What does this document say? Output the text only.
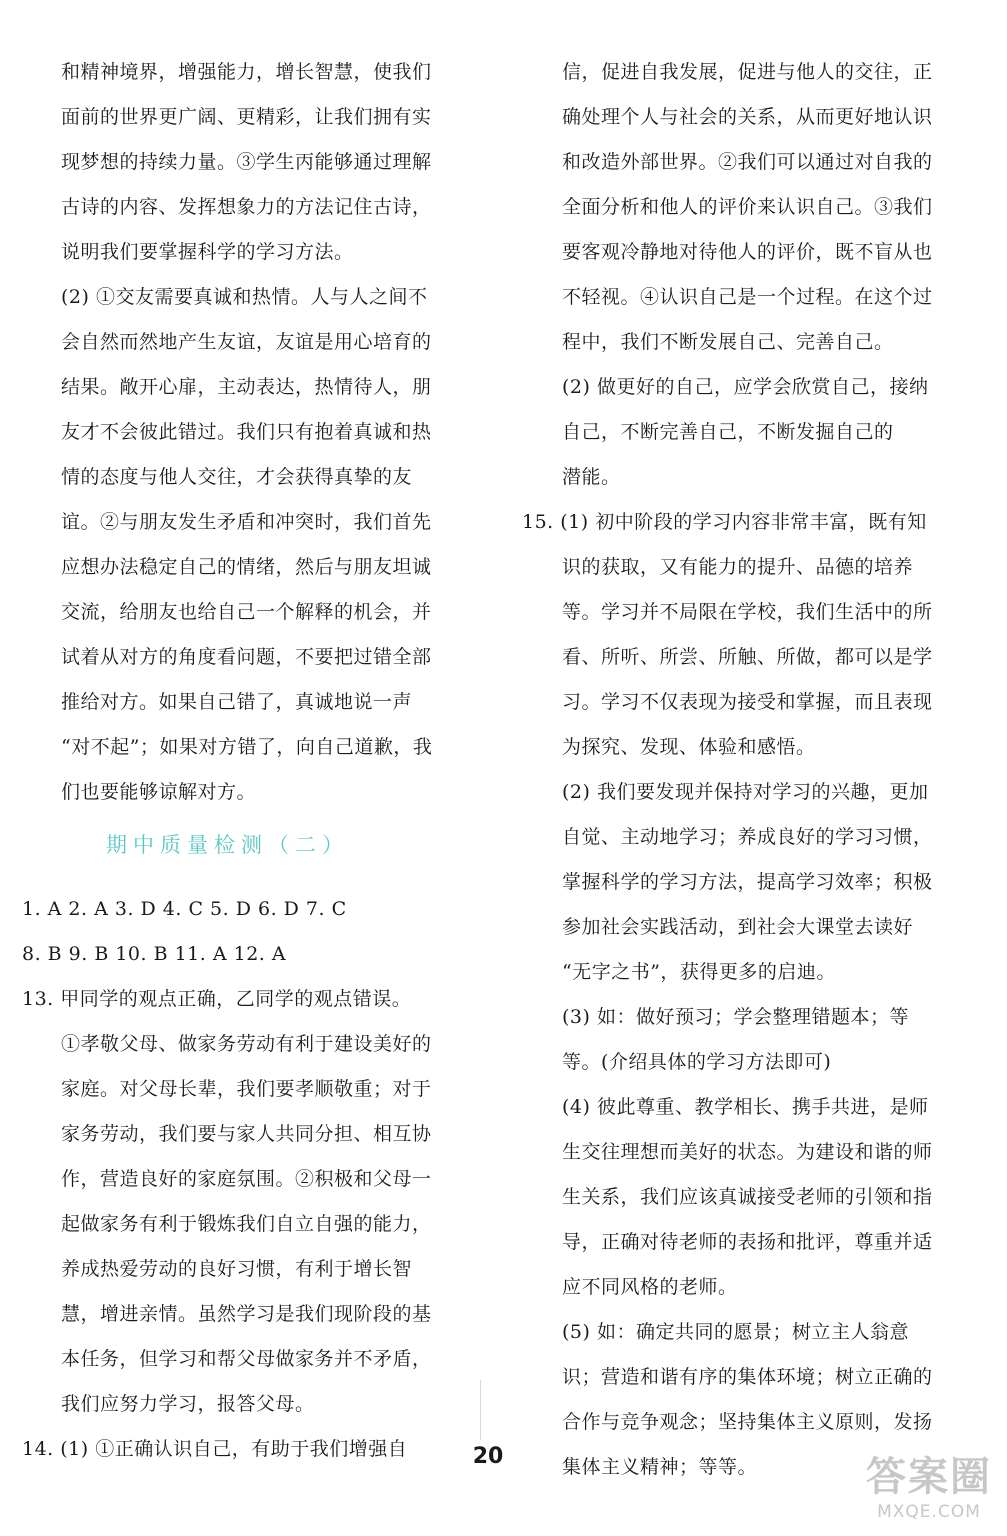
和精神境界，增强能力，增长智慧，使我们
面前的世界更广阔、更精彩，让我们拥有实
现梦想的持续力量。③学生丙能够通过理解
古诗的内容、发挥想象力的方法记住古诗，
说明我们要掌握科学的学习方法。
(2) ①交友需要真诚和热情。人与人之间不
会自然而然地产生友谊，友谊是用心培育的
结果。敞开心扉，主动表达，热情待人，朋
友才不会彼此错过。我们只有抱着真诚和热
情的态度与他人交往，才会获得真挚的友
谊。②与朋友发生矛盾和冲突时，我们首先
应想办法稳定自己的情绪，然后与朋友坦诚
交流，给朋友也给自己一个解释的机会，并
试着从对方的角度看问题，不要把过错全部
推给对方。如果自己错了，真诚地说一声
“对不起”；如果对方错了，向自己道歉，我
们也要能够谅解对方。
期中质量检测（二）
1. A 2. A 3. D 4. C 5. D 6. D 7. C
8. B 9. B 10. B 11. A 12. A
13. 甲同学的观点正确，乙同学的观点错误。
①孝敬父母、做家务劳动有利于建设美好的
家庭。对父母长辈，我们要孝顺敬重；对于
家务劳动，我们要与家人共同分担、相互协
作，营造良好的家庭氛围。②积极和父母一
起做家务有利于锻炼我们自立自强的能力，
养成热爱劳动的良好习惯，有利于增长智
慧，增进亲情。虽然学习是我们现阶段的基
本任务，但学习和帮父母做家务并不矛盾，
我们应努力学习，报答父母。
14. (1) ①正确认识自己，有助于我们增强自
信，促进自我发展，促进与他人的交往，正
确处理个人与社会的关系，从而更好地认识
和改造外部世界。②我们可以通过对自我的
全面分析和他人的评价来认识自己。③我们
要客观冷静地对待他人的评价，既不盲从也
不轻视。④认识自己是一个过程。在这个过
程中，我们不断发展自己、完善自己。
(2) 做更好的自己，应学会欣赏自己，接纳
自己，不断完善自己，不断发掘自己的
潜能。
15. (1) 初中阶段的学习内容非常丰富，既有知
识的获取，又有能力的提升、品德的培养
等。学习并不局限在学校，我们生活中的所
看、所听、所尝、所触、所做，都可以是学
习。学习不仅表现为接受和掌握，而且表现
为探究、发现、体验和感悟。
(2) 我们要发现并保持对学习的兴趣，更加
自觉、主动地学习；养成良好的学习习惯，
掌握科学的学习方法，提高学习效率；积极
参加社会实践活动，到社会大课堂去读好
“无字之书”，获得更多的启迪。
(3) 如：做好预习；学会整理错题本；等
等。(介绍具体的学习方法即可)
(4) 彼此尊重、教学相长、携手共进，是师
生交往理想而美好的状态。为建设和谐的师
生关系，我们应该真诚接受老师的引领和指
导，正确对待老师的表扬和批评，尊重并适
应不同风格的老师。
(5) 如：确定共同的愿景；树立主人翁意
识；营造和谐有序的集体环境；树立正确的
合作与竞争观念；坚持集体主义原则，发扬
集体主义精神；等等。
20	答案圈
MXQE.COM
